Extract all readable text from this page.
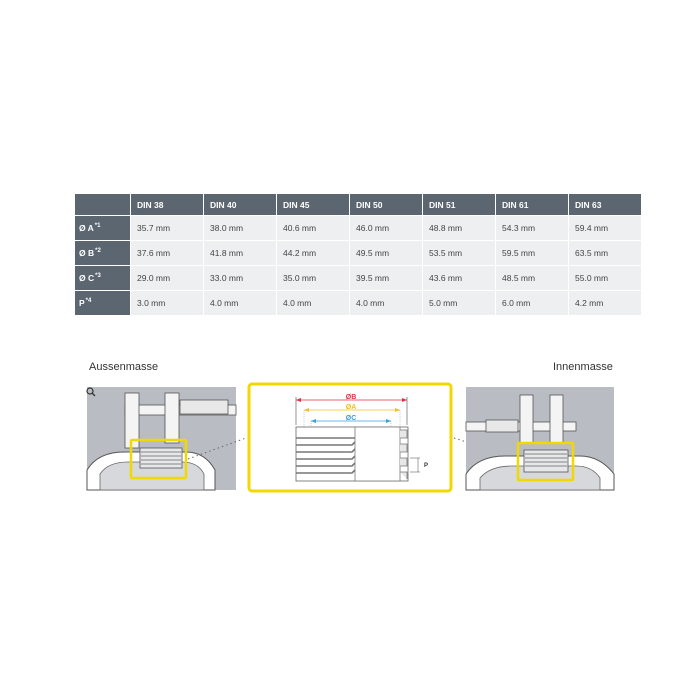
	DIN 38	DIN 40	DIN 45	DIN 50	DIN 51	DIN 61	DIN 63
Ø $A^{*1}$	35.7 mm	38.0 mm	40.6 mm	46.0 mm	48.8 mm	54.3 mm	59.4 mm
Ø $B^{*2}$	37.6 mm	41.8 mm	44.2 mm	49.5 mm	53.5 mm	59.5 mm	63.5 mm
Ø $C^{*3}$	29.0 mm	33.0 mm	35.0 mm	39.5 mm	43.6 mm	48.5 mm	55.0 mm
$P^{*4}$	3.0 mm	4.0 mm	4.0 mm	4.0 mm	5.0 mm	6.0 mm	4.2 mm
Aussenmasse	Innenmasse
ØB
ØA
ØC
P
